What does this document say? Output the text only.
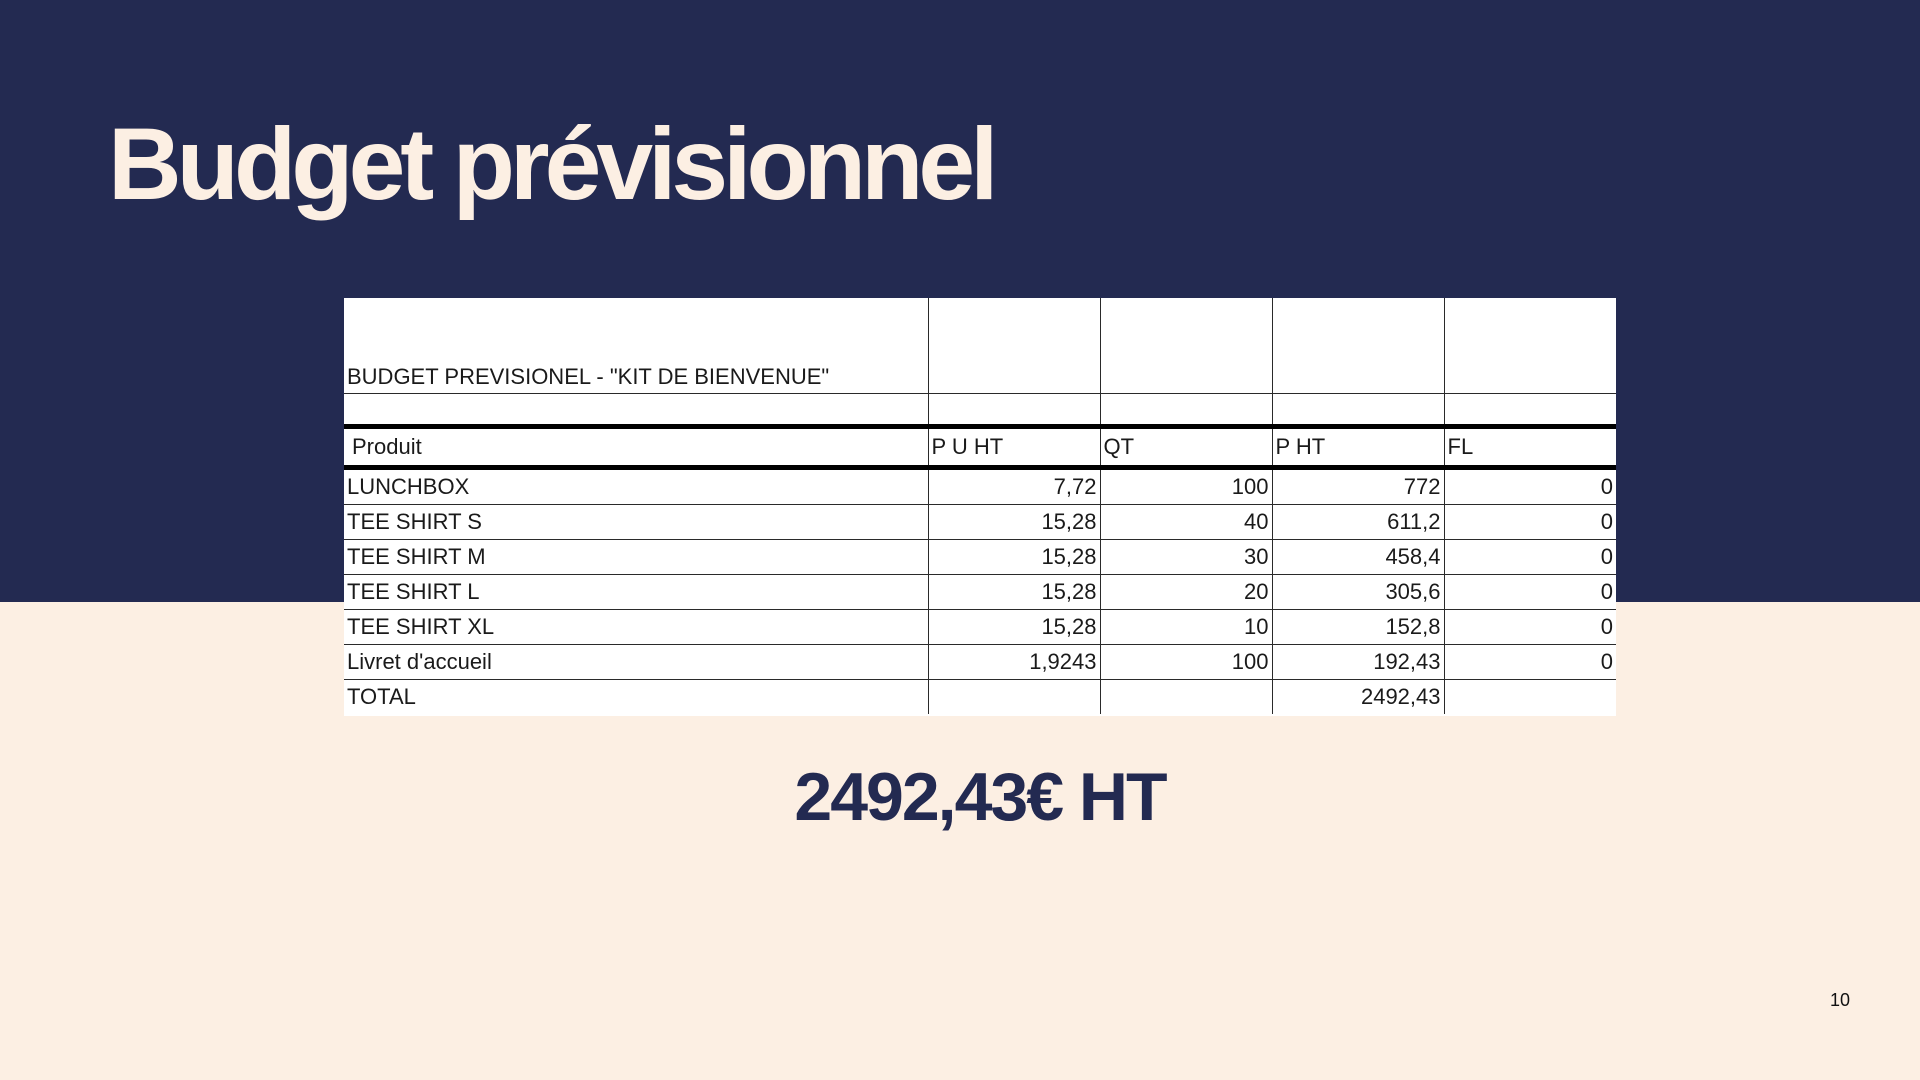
Budget prévisionnel
BUDGET PREVISIONEL - "KIT DE BIENVENUE"				

Produit	P U HT	QT	P HT	FL
LUNCHBOX	7,72	100	772	0
TEE SHIRT S	15,28	40	611,2	0
TEE SHIRT M	15,28	30	458,4	0
TEE SHIRT L	15,28	20	305,6	0
TEE SHIRT XL	15,28	10	152,8	0
Livret d'accueil	1,9243	100	192,43	0
TOTAL			2492,43	
2492,43€ HT
10
